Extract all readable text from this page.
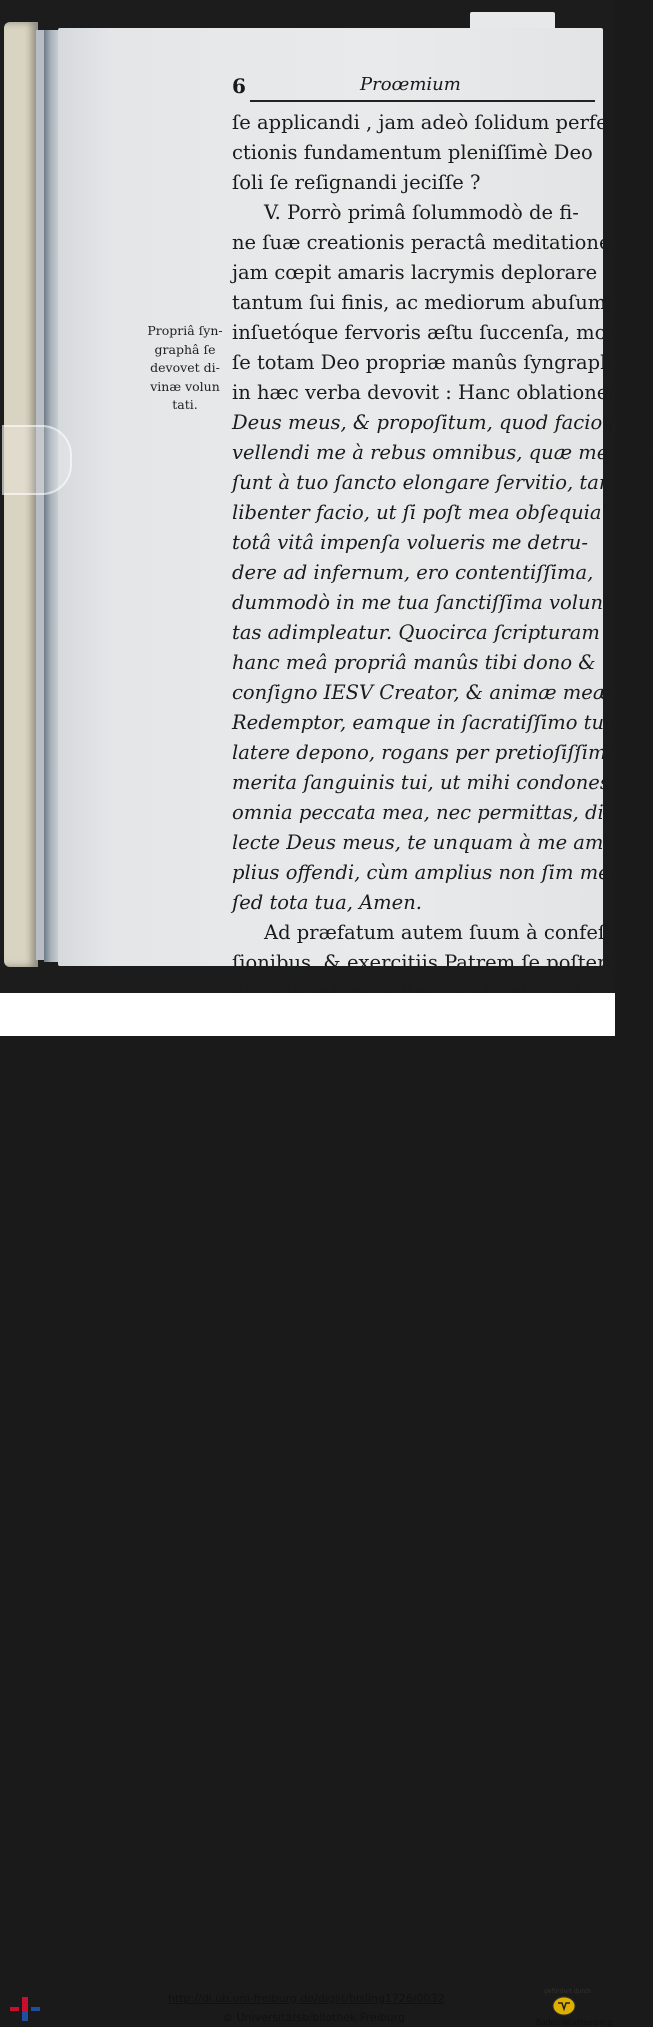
6	Proœmium
Propriâ ſyn-
graphâ ſe
devovet di-
vinæ volun
tati.
ſe applicandi , jam adeò ſolidum perfe-
ctionis fundamentum pleniſſimè Deo
ſoli ſe reſignandi jeciſſe ?
V. Porrò primâ ſolummodò de fi-
ne ſuæ creationis peractâ meditatione,
jam cœpit amaris lacrymis deplorare
tantum ſui finis, ac mediorum abuſum;
inſuetóque fervoris æſtu ſuccenſa, mox
ſe totam Deo propriæ manûs ſyngraphâ
in hæc verba devovit : Hanc oblationem
Deus meus, & propoſitum, quod facio a-
vellendi me à rebus omnibus, quæ me poſ-
ſunt à tuo ſancto elongare ſervitio, tam
libenter facio, ut ſi poſt mea obſequia
totâ vitâ impenſa volueris me detru-
dere ad infernum, ero contentiſſima,
dummodò in me tua ſanctiſſima volun-
tas adimpleatur. Quocirca ſcripturam
hanc meâ propriâ manûs tibi dono &
conſigno IESV Creator, & animæ meæ
Redemptor, eamque in ſacratiſſimo tuo
latere depono, rogans per pretioſiſſima
merita ſanguinis tui, ut mihi condones
omnia peccata mea, nec permittas, di-
lecte Deus meus, te unquam à me am-
plius offendi, cùm amplius non ſim mea,
ſed tota tua, Amen.
Ad præfatum autem ſuum à confeſ-
ſionibus, & exercitiis Patrem ſe poſtero
cum
http://dl.ub.uni-freiburg.de/diglit/bisling1726/0032
© Universitätsbibliothek Freiburg
gefördert durch
Baden-Württemberg
